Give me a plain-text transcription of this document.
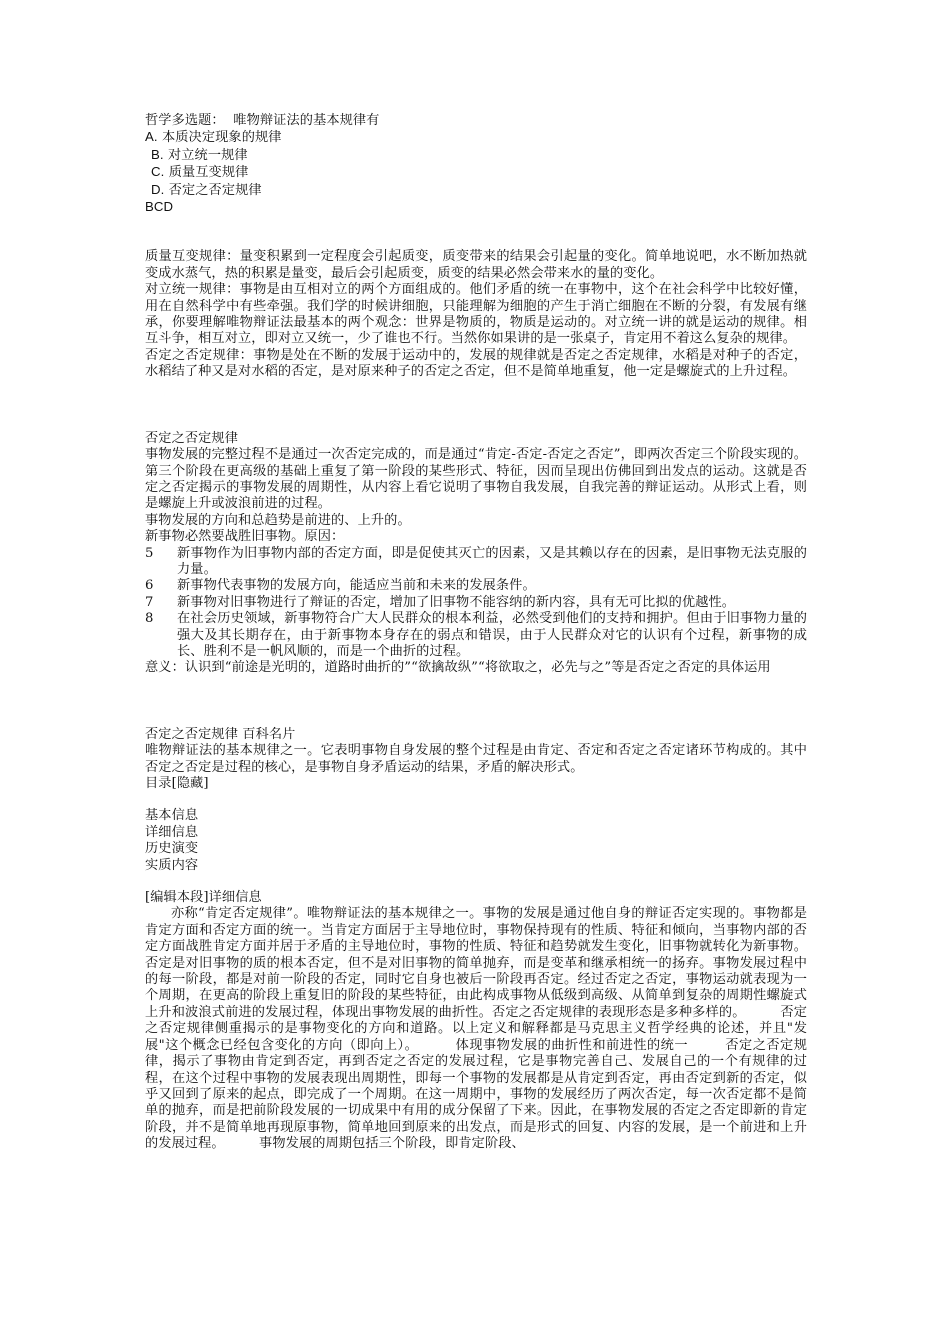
哲学多选题：  唯物辩证法的基本规律有
A. 本质决定现象的规律
B. 对立统一规律
C. 质量互变规律
D. 否定之否定规律
BCD
质量互变规律：量变积累到一定程度会引起质变，质变带来的结果会引起量的变化。简单地说吧，水不断加热就变成水蒸气，热的积累是量变，最后会引起质变，质变的结果必然会带来水的量的变化。
对立统一规律：事物是由互相对立的两个方面组成的。他们矛盾的统一在事物中，这个在社会科学中比较好懂，用在自然科学中有些牵强。我们学的时候讲细胞，只能理解为细胞的产生于消亡细胞在不断的分裂，有发展有继承，你要理解唯物辩证法最基本的两个观念：世界是物质的，物质是运动的。对立统一讲的就是运动的规律。相互斗争，相互对立，即对立又统一，少了谁也不行。当然你如果讲的是一张桌子，肯定用不着这么复杂的规律。
否定之否定规律：事物是处在不断的发展于运动中的，发展的规律就是否定之否定规律，水稻是对种子的否定，水稻结了种又是对水稻的否定，是对原来种子的否定之否定，但不是简单地重复，他一定是螺旋式的上升过程。
否定之否定规律
事物发展的完整过程不是通过一次否定完成的，而是通过“肯定-否定-否定之否定”，即两次否定三个阶段实现的。第三个阶段在更高级的基础上重复了第一阶段的某些形式、特征，因而呈现出仿佛回到出发点的运动。这就是否定之否定揭示的事物发展的周期性，从内容上看它说明了事物自我发展，自我完善的辩证运动。从形式上看，则是螺旋上升或波浪前进的过程。
事物发展的方向和总趋势是前进的、上升的。
新事物必然要战胜旧事物。原因：
5	新事物作为旧事物内部的否定方面，即是促使其灭亡的因素，又是其赖以存在的因素，是旧事物无法克服的力量。
6	新事物代表事物的发展方向，能适应当前和未来的发展条件。
7	新事物对旧事物进行了辩证的否定，增加了旧事物不能容纳的新内容，具有无可比拟的优越性。
8	在社会历史领域，新事物符合广大人民群众的根本利益，必然受到他们的支持和拥护。但由于旧事物力量的强大及其长期存在，由于新事物本身存在的弱点和错误，由于人民群众对它的认识有个过程，新事物的成长、胜利不是一帆风顺的，而是一个曲折的过程。
意义：认识到“前途是光明的，道路时曲折的”“欲擒故纵”“将欲取之，必先与之”等是否定之否定的具体运用
否定之否定规律 百科名片
唯物辩证法的基本规律之一。它表明事物自身发展的整个过程是由肯定、否定和否定之否定诸环节构成的。其中否定之否定是过程的核心，是事物自身矛盾运动的结果，矛盾的解决形式。
目录[隐藏]
基本信息
详细信息
历史演变
实质内容
[编辑本段]详细信息
亦称“肯定否定规律”。唯物辩证法的基本规律之一。事物的发展是通过他自身的辩证否定实现的。事物都是肯定方面和否定方面的统一。当肯定方面居于主导地位时，事物保持现有的性质、特征和倾向，当事物内部的否定方面战胜肯定方面并居于矛盾的主导地位时，事物的性质、特征和趋势就发生变化，旧事物就转化为新事物。否定是对旧事物的质的根本否定，但不是对旧事物的简单抛弃，而是变革和继承相统一的扬弃。事物发展过程中的每一阶段，都是对前一阶段的否定，同时它自身也被后一阶段再否定。经过否定之否定，事物运动就表现为一个周期，在更高的阶段上重复旧的阶段的某些特征，由此构成事物从低级到高级、从简单到复杂的周期性螺旋式上升和波浪式前进的发展过程，体现出事物发展的曲折性。否定之否定规律的表现形态是多种多样的。        否定之否定规律侧重揭示的是事物变化的方向和道路。以上定义和解释都是马克思主义哲学经典的论述，并且"发展"这个概念已经包含变化的方向（即向上）。        体现事物发展的曲折性和前进性的统一        否定之否定规律，揭示了事物由肯定到否定，再到否定之否定的发展过程，它是事物完善自己、发展自己的一个有规律的过程，在这个过程中事物的发展表现出周期性，即每一个事物的发展都是从肯定到否定，再由否定到新的否定，似乎又回到了原来的起点，即完成了一个周期。在这一周期中，事物的发展经历了两次否定，每一次否定都不是简单的抛弃，而是把前阶段发展的一切成果中有用的成分保留了下来。因此，在事物发展的否定之否定即新的肯定阶段，并不是简单地再现原事物，简单地回到原来的出发点，而是形式的回复、内容的发展，是一个前进和上升的发展过程。        事物发展的周期包括三个阶段，即肯定阶段、
